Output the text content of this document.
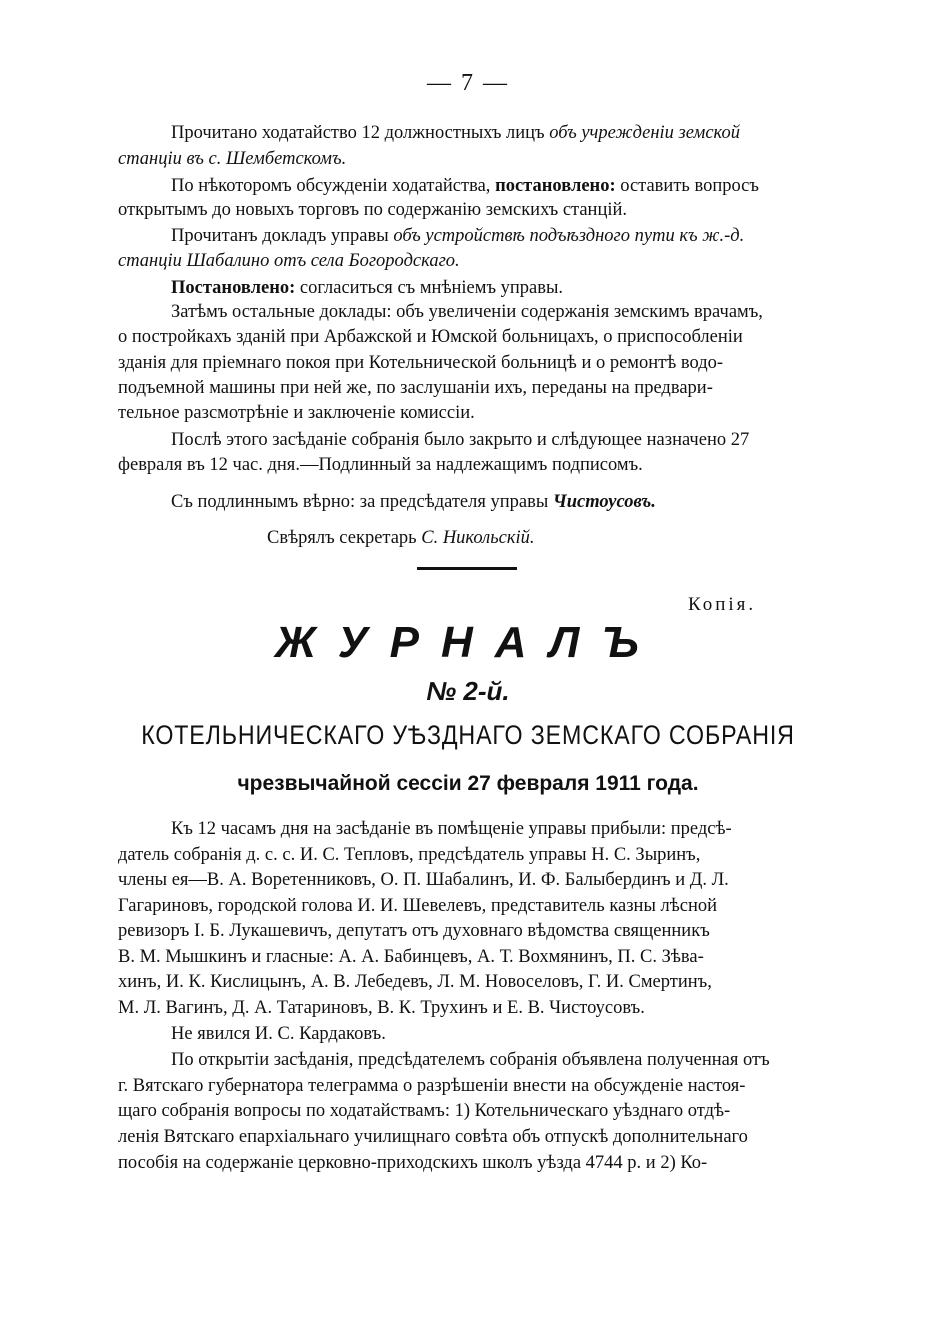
— 7 —
Прочитано ходатайство 12 должностныхъ лицъ объ учрежденіи земской
станціи въ с. Шембетскомъ.
По нѣкоторомъ обсужденіи ходатайства, постановлено: оставить вопросъ
открытымъ до новыхъ торговъ по содержанію земскихъ станцій.
Прочитанъ докладъ управы объ устройствѣ подъѣздного пути къ ж.-д.
станціи Шабалино отъ села Богородскаго.
Постановлено: согласиться съ мнѣніемъ управы.
Затѣмъ остальные доклады: объ увеличеніи содержанія земскимъ врачамъ,
о постройкахъ зданій при Арбажской и Юмской больницахъ, о приспособленіи
зданія для пріемнаго покоя при Котельнической больницѣ и о ремонтѣ водо-
подъемной машины при ней же, по заслушаніи ихъ, переданы на предвари-
тельное разсмотрѣніе и заключеніе комиссіи.
Послѣ этого засѣданіе собранія было закрыто и слѣдующее назначено 27
февраля въ 12 час. дня.—Подлинный за надлежащимъ подписомъ.
Съ подлиннымъ вѣрно: за предсѣдателя управы Чистоусовъ.
Свѣрялъ секретарь С. Никольскій.
Копія.
ЖУРНАЛЪ
№ 2-й.
КОТЕЛЬНИЧЕСКАГО УѢЗДНАГО ЗЕМСКАГО СОБРАНІЯ
чрезвычайной сессіи 27 февраля 1911 года.
Къ 12 часамъ дня на засѣданіе въ помѣщеніе управы прибыли: предсѣ-
датель собранія д. с. с. И. С. Тепловъ, предсѣдатель управы Н. С. Зыринъ,
члены ея—В. А. Воретенниковъ, О. П. Шабалинъ, И. Ф. Балыбердинъ и Д. Л.
Гагариновъ, городской голова И. И. Шевелевъ, представитель казны лѣсной
ревизоръ І. Б. Лукашевичъ, депутатъ отъ духовнаго вѣдомства священникъ
В. М. Мышкинъ и гласные: А. А. Бабинцевъ, А. Т. Вохмянинъ, П. С. Зѣва-
хинъ, И. К. Кислицынъ, А. В. Лебедевъ, Л. М. Новоселовъ, Г. И. Смертинъ,
М. Л. Вагинъ, Д. А. Татариновъ, В. К. Трухинъ и Е. В. Чистоусовъ.
Не явился И. С. Кардаковъ.
По открытіи засѣданія, предсѣдателемъ собранія объявлена полученная отъ
г. Вятскаго губернатора телеграмма о разрѣшеніи внести на обсужденіе настоя-
щаго собранія вопросы по ходатайствамъ: 1) Котельническаго уѣзднаго отдѣ-
ленія Вятскаго епархіальнаго училищнаго совѣта объ отпускѣ дополнительнаго
пособія на содержаніе церковно-приходскихъ школъ уѣзда 4744 р. и 2) Ко-
